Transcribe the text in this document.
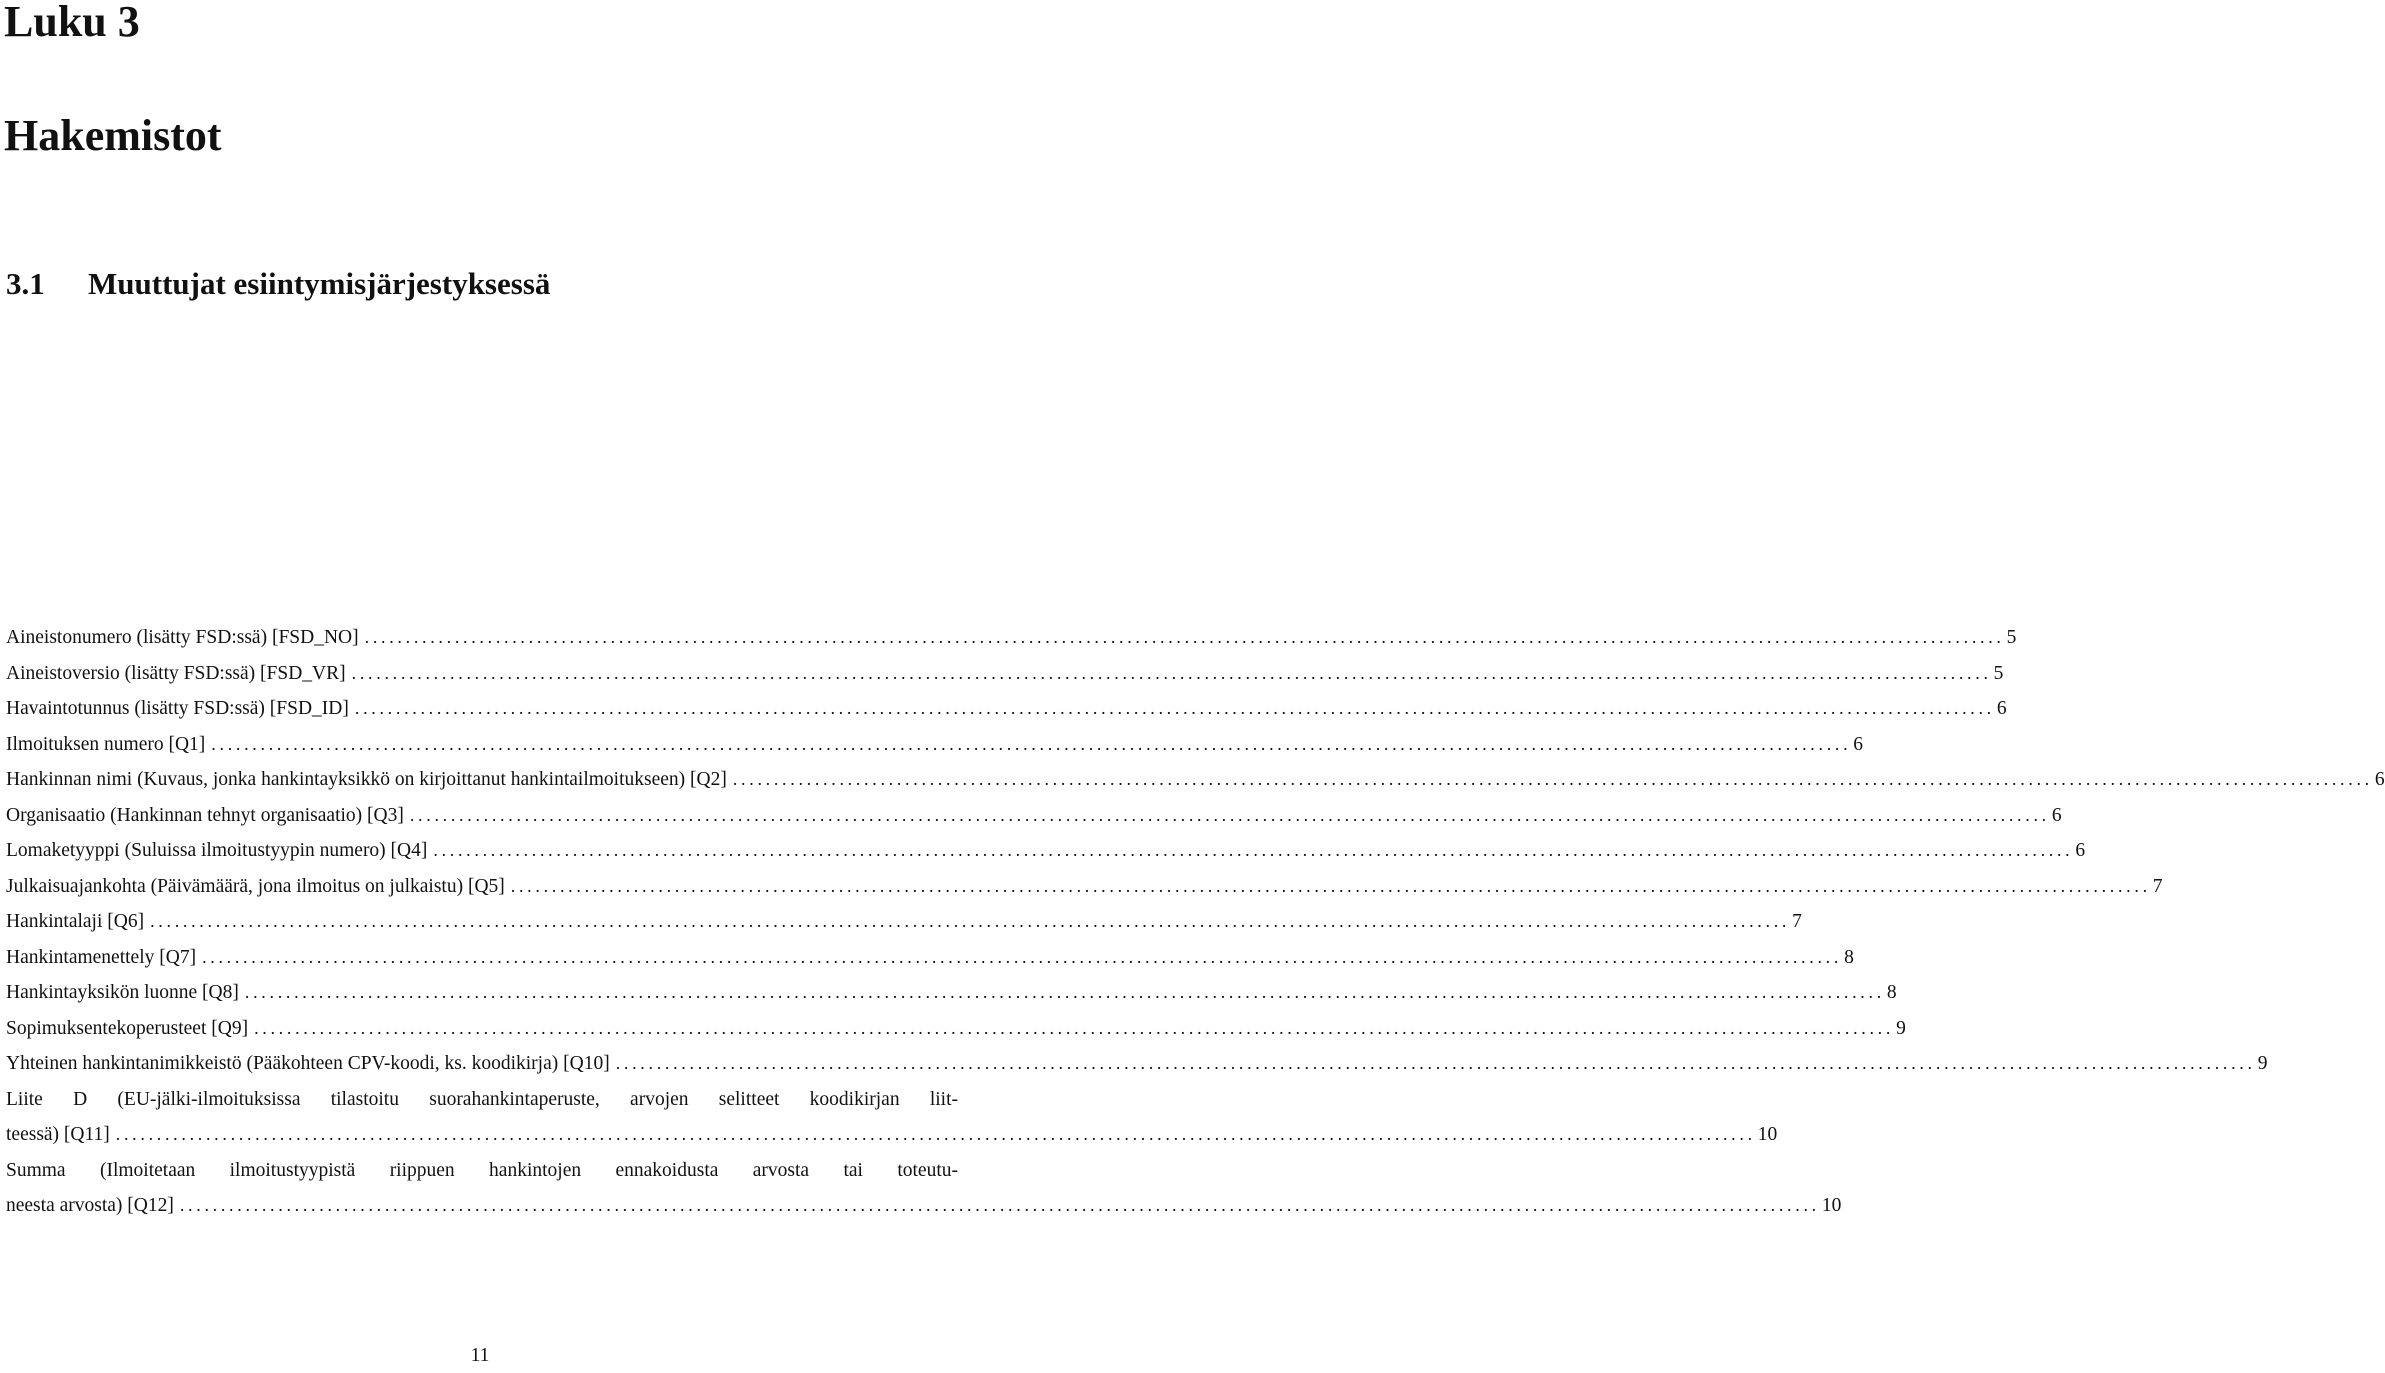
Luku 3
Hakemistot
3.1 Muuttujat esiintymisjärjestyksessä
Aineistonumero (lisätty FSD:ssä) [FSD_NO] ........................................................................................................................................................................................................ 5
Aineistoversio (lisätty FSD:ssä) [FSD_VR] ........................................................................................................................................................................................................ 5
Havaintotunnus (lisätty FSD:ssä) [FSD_ID] ........................................................................................................................................................................................................ 6
Ilmoituksen numero [Q1] ........................................................................................................................................................................................................ 6
Hankinnan nimi (Kuvaus, jonka hankintayksikkö on kirjoittanut hankintailmoitukseen) [Q2] ........................................................................................................................................................................................................ 6
Organisaatio (Hankinnan tehnyt organisaatio) [Q3] ........................................................................................................................................................................................................ 6
Lomaketyyppi (Suluissa ilmoitustyypin numero) [Q4] ........................................................................................................................................................................................................ 6
Julkaisuajankohta (Päivämäärä, jona ilmoitus on julkaistu) [Q5] ........................................................................................................................................................................................................ 7
Hankintalaji [Q6] ........................................................................................................................................................................................................ 7
Hankintamenettely [Q7] ........................................................................................................................................................................................................ 8
Hankintayksikön luonne [Q8] ........................................................................................................................................................................................................ 8
Sopimuksentekoperusteet [Q9] ........................................................................................................................................................................................................ 9
Yhteinen hankintanimikkeistö (Pääkohteen CPV-koodi, ks. koodikirja) [Q10] ........................................................................................................................................................................................................ 9
Liite D (EU-jälki-ilmoituksissa tilastoitu suorahankintaperuste, arvojen selitteet koodikirjan liit-
teessä) [Q11] ........................................................................................................................................................................................................ 10
Summa (Ilmoitetaan ilmoitustyypistä riippuen hankintojen ennakoidusta arvosta tai toteutu-
neesta arvosta) [Q12] ........................................................................................................................................................................................................ 10
11
